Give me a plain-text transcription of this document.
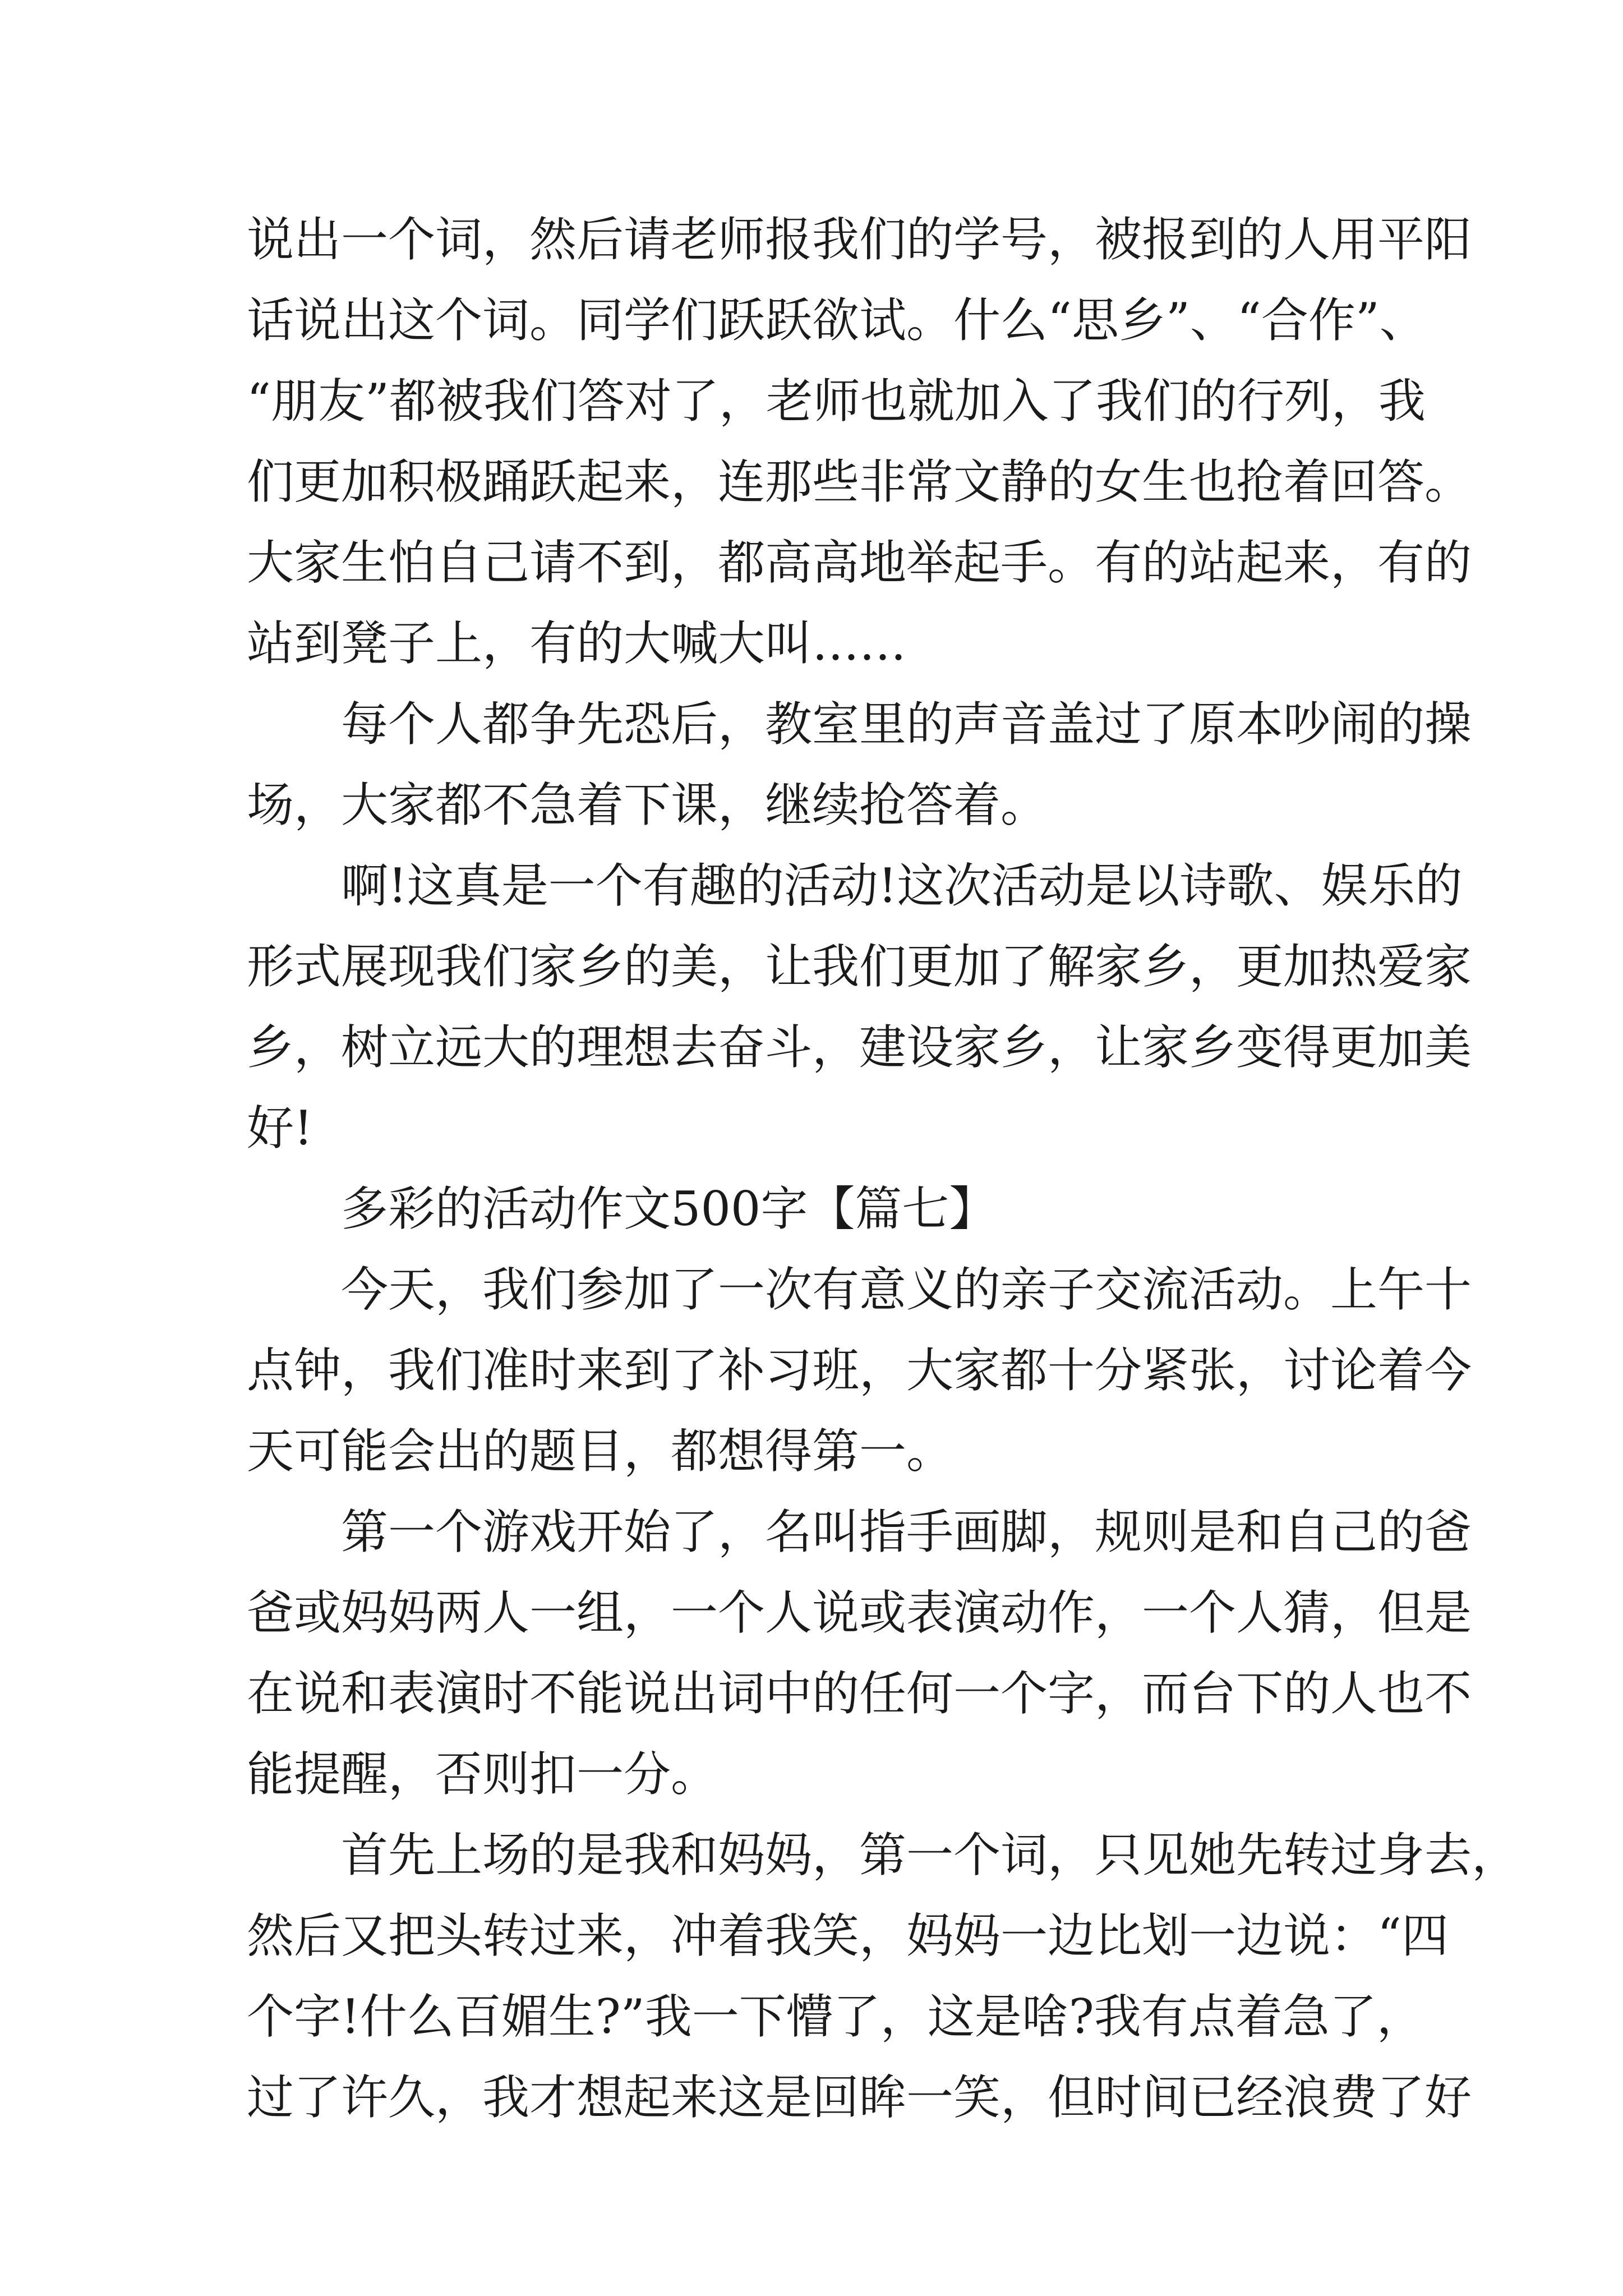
说出一个词，然后请老师报我们的学号，被报到的人用平阳
话说出这个词。同学们跃跃欲试。什么“思乡”、“合作”、
“朋友”都被我们答对了，老师也就加入了我们的行列，我
们更加积极踊跃起来，连那些非常文静的女生也抢着回答。
大家生怕自己请不到，都高高地举起手。有的站起来，有的
站到凳子上，有的大喊大叫……
每个人都争先恐后，教室里的声音盖过了原本吵闹的操
场，大家都不急着下课，继续抢答着。
啊!这真是一个有趣的活动!这次活动是以诗歌、娱乐的
形式展现我们家乡的美，让我们更加了解家乡，更加热爱家
乡，树立远大的理想去奋斗，建设家乡，让家乡变得更加美
好!
多彩的活动作文500字【篇七】
今天，我们参加了一次有意义的亲子交流活动。上午十
点钟，我们准时来到了补习班，大家都十分紧张，讨论着今
天可能会出的题目，都想得第一。
第一个游戏开始了，名叫指手画脚，规则是和自己的爸
爸或妈妈两人一组，一个人说或表演动作，一个人猜，但是
在说和表演时不能说出词中的任何一个字，而台下的人也不
能提醒，否则扣一分。
首先上场的是我和妈妈，第一个词，只见她先转过身去，
然后又把头转过来，冲着我笑，妈妈一边比划一边说：“四
个字!什么百媚生?”我一下懵了，这是啥?我有点着急了，
过了许久，我才想起来这是回眸一笑，但时间已经浪费了好
